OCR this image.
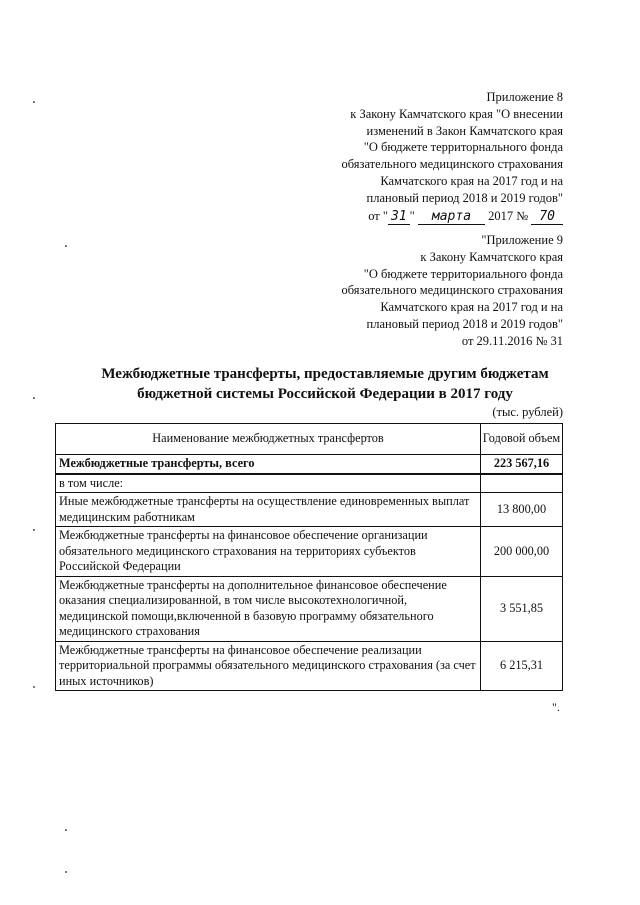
Приложение 8
к Закону Камчатского края "О внесении
изменений в Закон Камчатского края
"О бюджете территорнального фонда
обязательного медицинского страхования
Камчатского края на 2017 год и на
плановый период 2018 и 2019 годов"
от " 31 " марта 2017 № 70
"Приложение 9
к Закону Камчатского края
"О бюджете территориального фонда
обязательного медицинского страхования
Камчатского края на 2017 год и на
плановый период 2018 и 2019 годов"
от 29.11.2016 № 31
Межбюджетные трансферты, предоставляемые другим бюджетам
бюджетной системы Российской Федерации в 2017 году
(тыс. рублей)
Наименование межбюджетных трансфертов	Годовой объем
Межбюджетные трансферты, всего	223 567,16
в том числе:	
Иные межбюджетные трансферты на осуществление единовременных выплат медицинским работникам	13 800,00
Межбюджетные трансферты на финансовое обеспечение организации обязательного медицинского страхования на территориях субъектов Российской Федерации	200 000,00
Межбюджетные трансферты на дополнительное финансовое обеспечение оказания специализированной, в том числе высокотехнологичной, медицинской помощи,включенной в базовую программу обязательного медицинского страхования	3 551,85
Межбюджетные трансферты на финансовое обеспечение реализации территориальной программы обязательного медицинского страхования (за счет иных источников)	6 215,31
".
